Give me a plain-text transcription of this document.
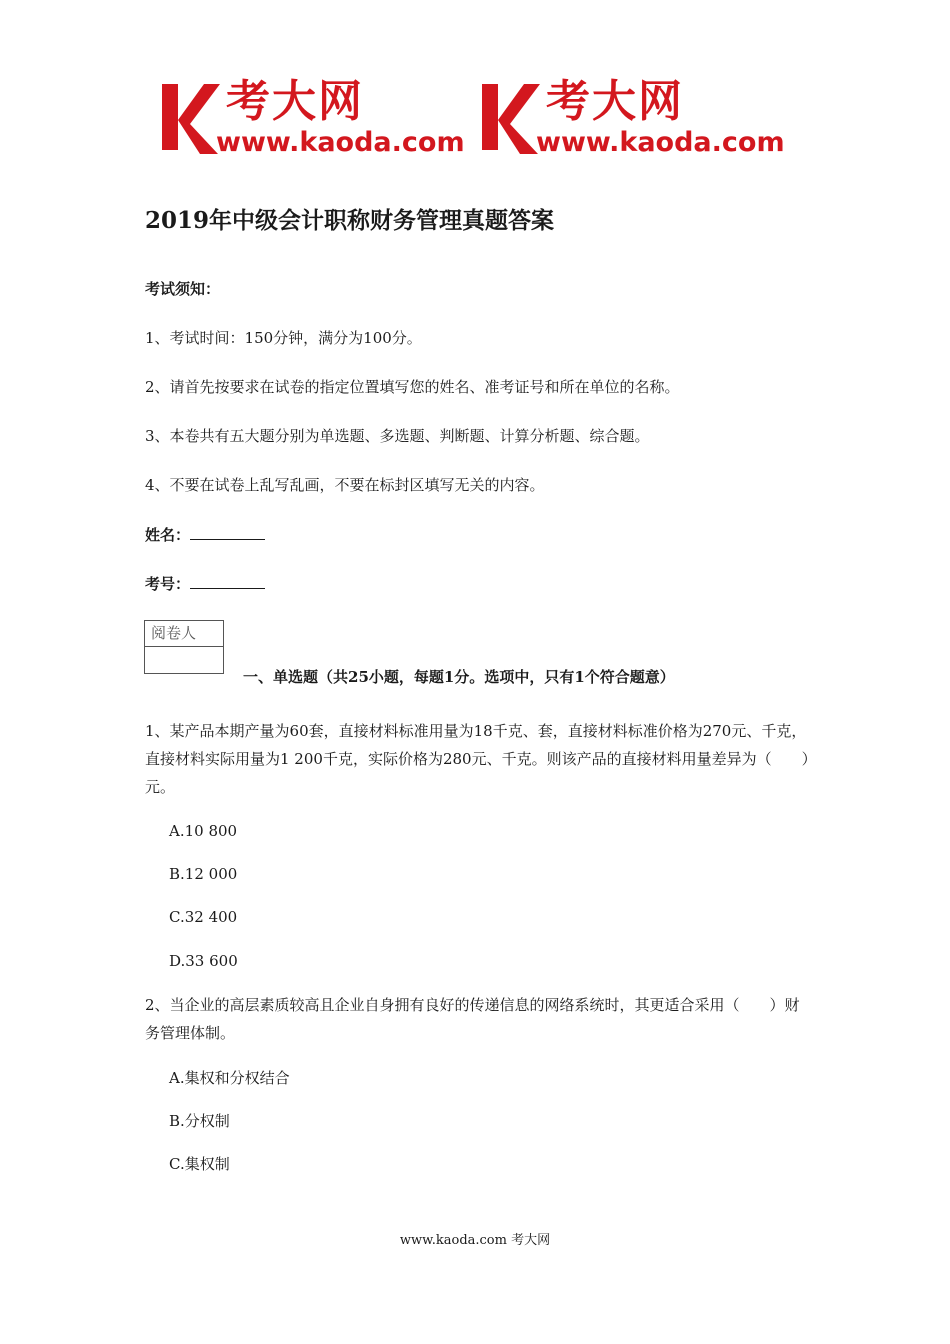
考大网
www.kaoda.com
考大网
www.kaoda.com
2019年中级会计职称财务管理真题答案
考试须知：
1、考试时间：150分钟，满分为100分。
2、请首先按要求在试卷的指定位置填写您的姓名、准考证号和所在单位的名称。
3、本卷共有五大题分别为单选题、多选题、判断题、计算分析题、综合题。
4、不要在试卷上乱写乱画，不要在标封区填写无关的内容。
姓名：
考号：
阅卷人
一、单选题（共25小题，每题1分。选项中，只有1个符合题意）
1、某产品本期产量为60套，直接材料标准用量为18千克、套，直接材料标准价格为270元、千克，直接材料实际用量为1 200千克，实际价格为280元、千克。则该产品的直接材料用量差异为（　　）元。
A.10 800
B.12 000
C.32 400
D.33 600
2、当企业的高层素质较高且企业自身拥有良好的传递信息的网络系统时，其更适合采用（　　）财务管理体制。
A.集权和分权结合
B.分权制
C.集权制
www.kaoda.com 考大网
